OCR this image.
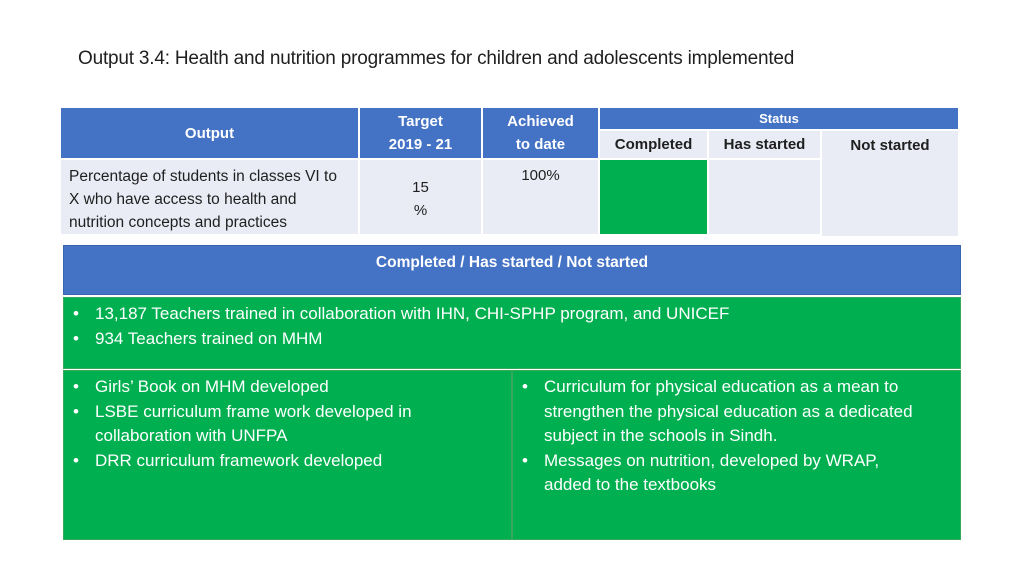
Output 3.4: Health and nutrition programmes for children and adolescents implemented
Output
Target
2019 - 21
Achieved
to date
Status
Completed Has started	Not started
Percentage of students in classes VI to X who have access to health and nutrition concepts and practices
15
%
100%
Completed / Has started / Not started
• 13,187 Teachers trained in collaboration with IHN, CHI-SPHP program, and UNICEF
• 934 Teachers trained on MHM
• Girls’ Book on MHM developed
• LSBE curriculum frame work developed in collaboration with UNFPA
• DRR curriculum framework developed
• Curriculum for physical education as a mean to strengthen the physical education as a dedicated subject in the schools in Sindh.
• Messages on nutrition, developed by WRAP, added to the textbooks
